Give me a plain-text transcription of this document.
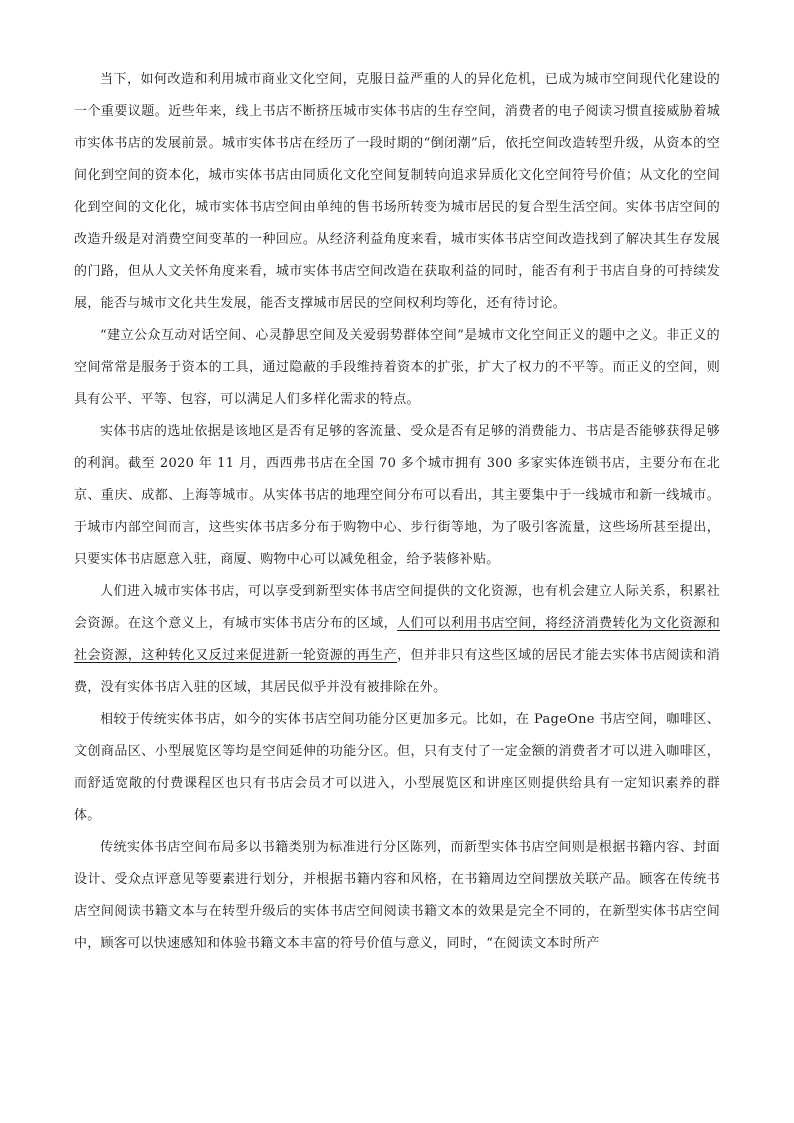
当下，如何改造和利用城市商业文化空间，克服日益严重的人的异化危机，已成为城市空间现代化建设的一个重要议题。近些年来，线上书店不断挤压城市实体书店的生存空间，消费者的电子阅读习惯直接威胁着城市实体书店的发展前景。城市实体书店在经历了一段时期的“倒闭潮”后，依托空间改造转型升级，从资本的空间化到空间的资本化，城市实体书店由同质化文化空间复制转向追求异质化文化空间符号价值；从文化的空间化到空间的文化化，城市实体书店空间由单纯的售书场所转变为城市居民的复合型生活空间。实体书店空间的改造升级是对消费空间变革的一种回应。从经济利益角度来看，城市实体书店空间改造找到了解决其生存发展的门路，但从人文关怀角度来看，城市实体书店空间改造在获取利益的同时，能否有利于书店自身的可持续发展，能否与城市文化共生发展，能否支撑城市居民的空间权利均等化，还有待讨论。

“建立公众互动对话空间、心灵静思空间及关爱弱势群体空间”是城市文化空间正义的题中之义。非正义的空间常常是服务于资本的工具，通过隐蔽的手段维持着资本的扩张，扩大了权力的不平等。而正义的空间，则具有公平、平等、包容，可以满足人们多样化需求的特点。

实体书店的选址依据是该地区是否有足够的客流量、受众是否有足够的消费能力、书店是否能够获得足够的利润。截至 2020 年 11 月，西西弗书店在全国 70 多个城市拥有 300 多家实体连锁书店，主要分布在北京、重庆、成都、上海等城市。从实体书店的地理空间分布可以看出，其主要集中于一线城市和新一线城市。于城市内部空间而言，这些实体书店多分布于购物中心、步行街等地，为了吸引客流量，这些场所甚至提出，只要实体书店愿意入驻，商厦、购物中心可以减免租金，给予装修补贴。

人们进入城市实体书店，可以享受到新型实体书店空间提供的文化资源，也有机会建立人际关系，积累社会资源。在这个意义上，有城市实体书店分布的区域，人们可以利用书店空间，将经济消费转化为文化资源和社会资源，这种转化又反过来促进新一轮资源的再生产，但并非只有这些区域的居民才能去实体书店阅读和消费，没有实体书店入驻的区域，其居民似乎并没有被排除在外。

相较于传统实体书店，如今的实体书店空间功能分区更加多元。比如，在 PageOne 书店空间，咖啡区、文创商品区、小型展览区等均是空间延伸的功能分区。但，只有支付了一定金额的消费者才可以进入咖啡区，而舒适宽敞的付费课程区也只有书店会员才可以进入，小型展览区和讲座区则提供给具有一定知识素养的群体。

传统实体书店空间布局多以书籍类别为标准进行分区陈列，而新型实体书店空间则是根据书籍内容、封面设计、受众点评意见等要素进行划分，并根据书籍内容和风格，在书籍周边空间摆放关联产品。顾客在传统书店空间阅读书籍文本与在转型升级后的实体书店空间阅读书籍文本的效果是完全不同的，在新型实体书店空间中，顾客可以快速感知和体验书籍文本丰富的符号价值与意义，同时，“在阅读文本时所产
